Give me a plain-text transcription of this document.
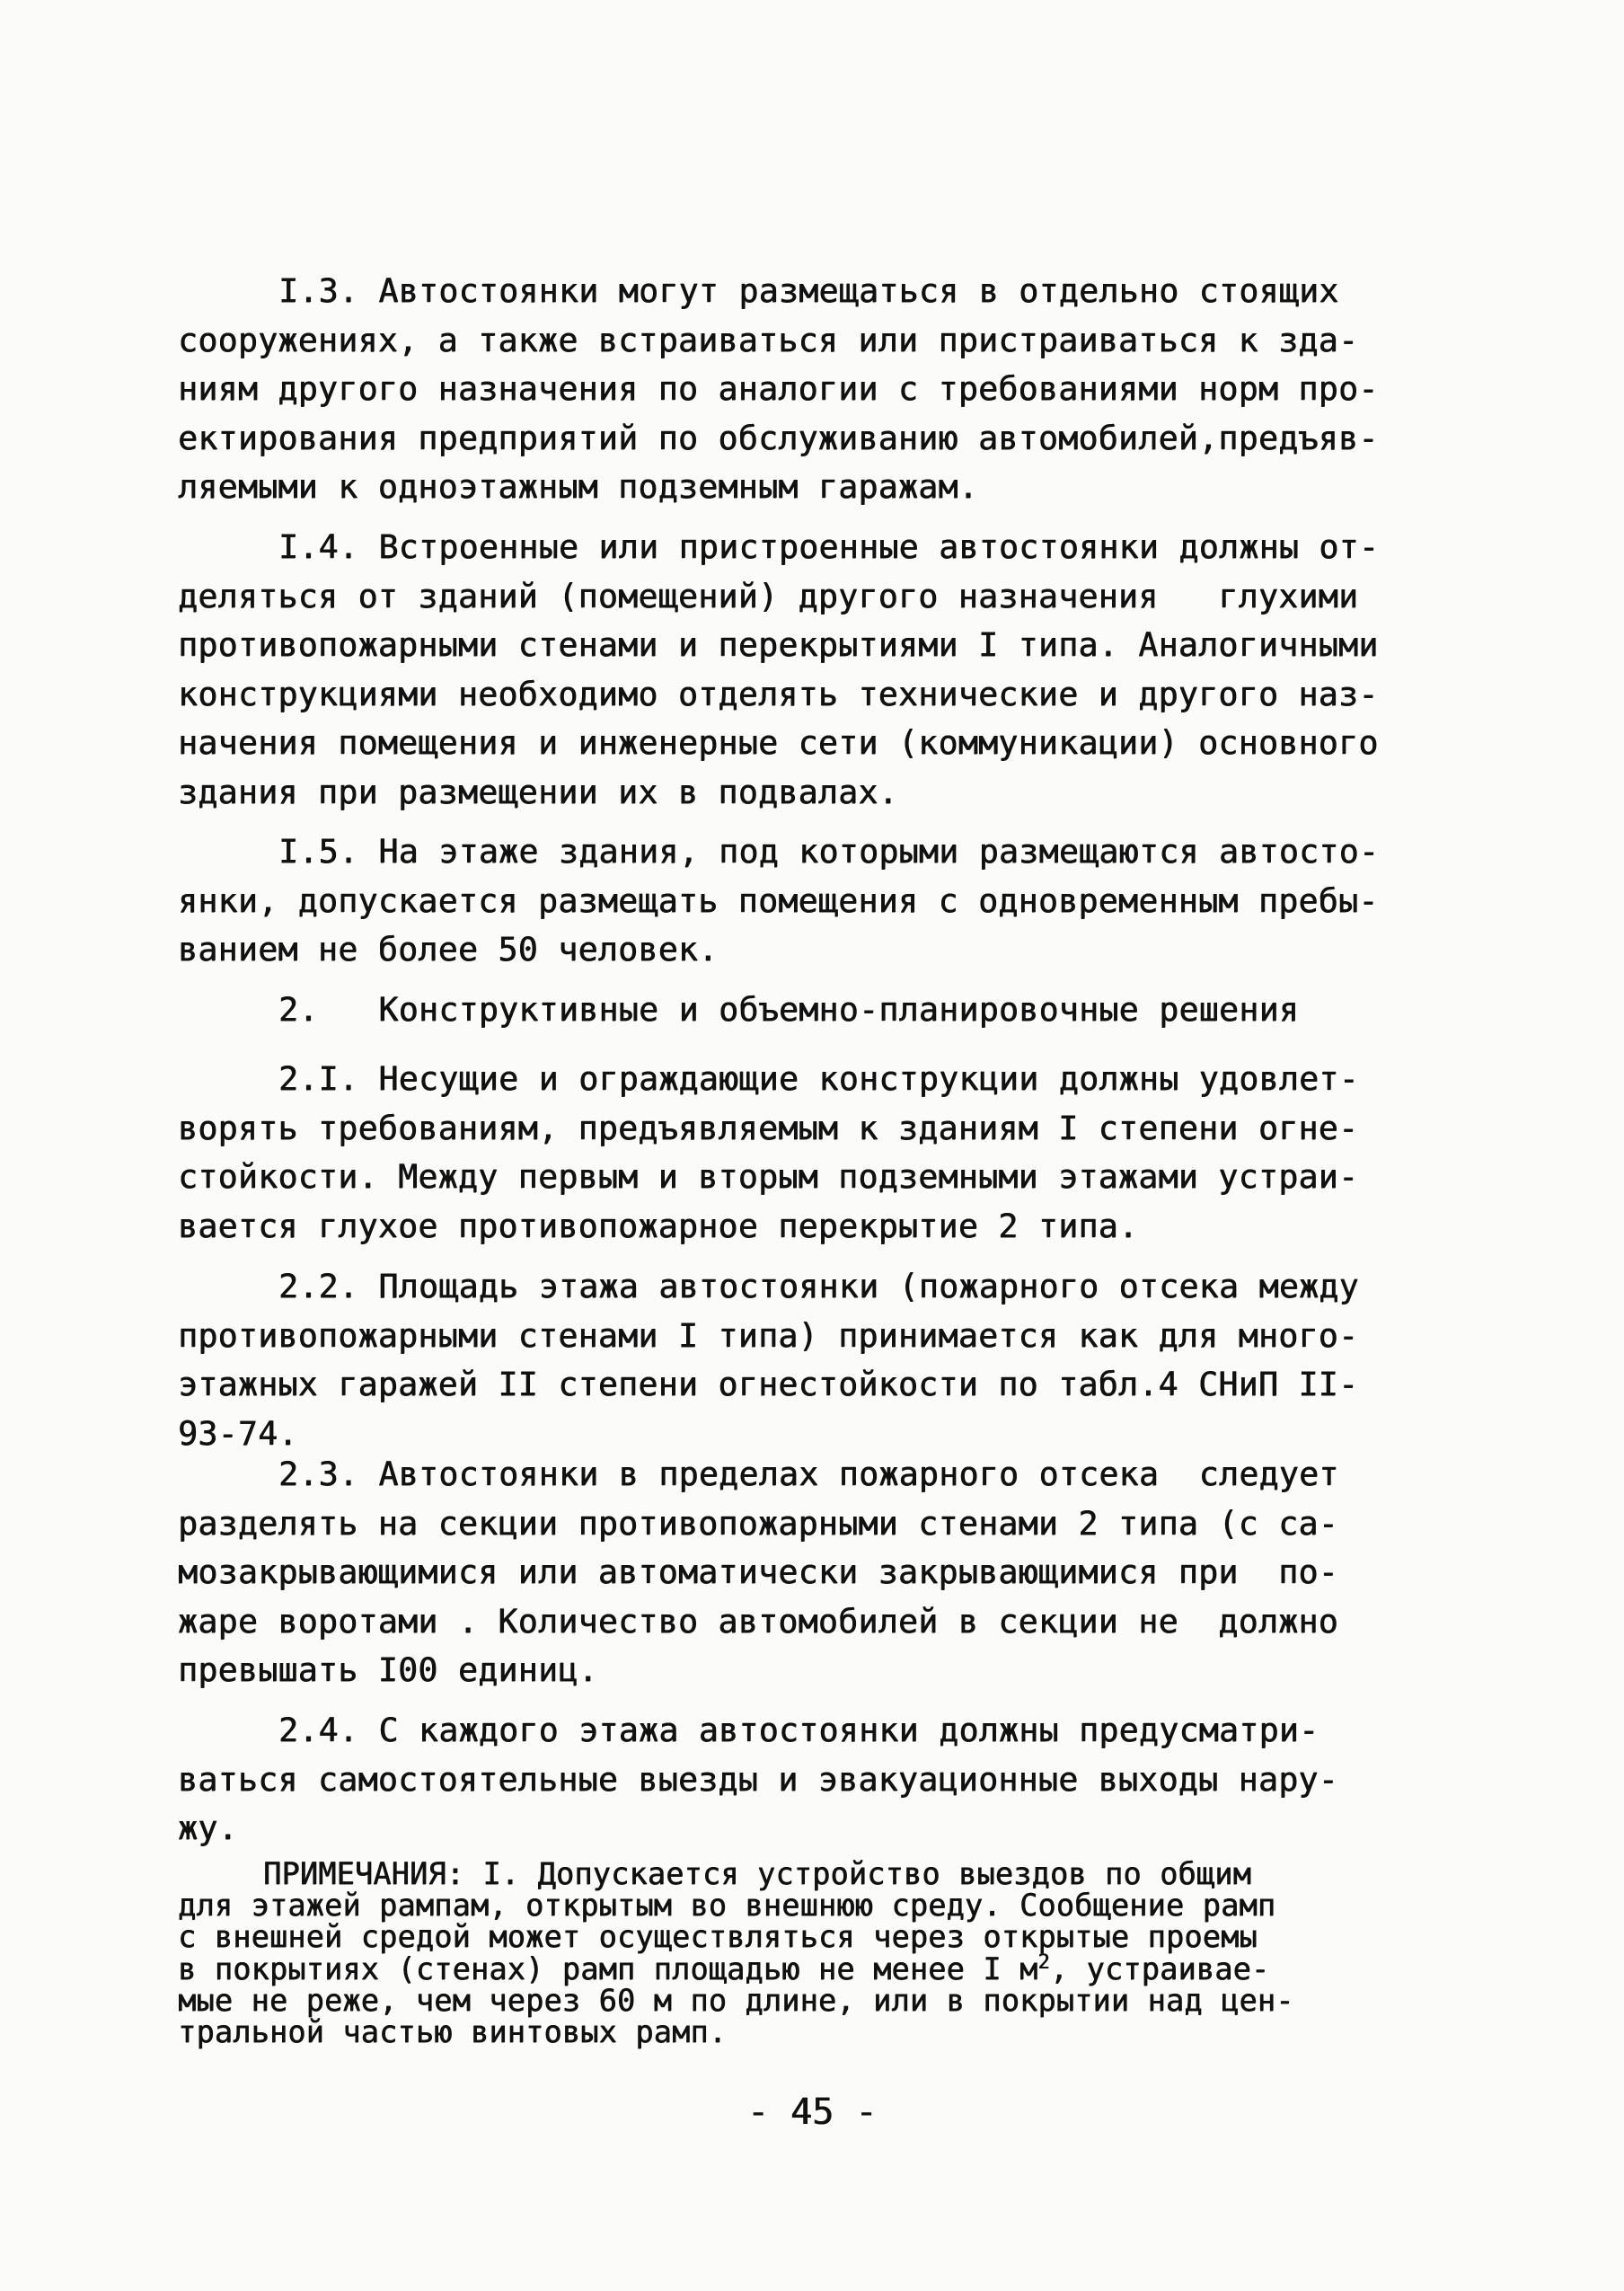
I.3. Автостоянки могут размещаться в отдельно стоящих
сооружениях, а также встраиваться или пристраиваться к зда-
ниям другого назначения по аналогии с требованиями норм про-
ектирования предприятий по обслуживанию автомобилей,предъяв-
ляемыми к одноэтажным подземным гаражам.
I.4. Встроенные или пристроенные автостоянки должны от-
деляться от зданий (помещений) другого назначения   глухими
противопожарными стенами и перекрытиями I типа. Аналогичными
конструкциями необходимо отделять технические и другого наз-
начения помещения и инженерные сети (коммуникации) основного
здания при размещении их в подвалах.
I.5. На этаже здания, под которыми размещаются автосто-
янки, допускается размещать помещения с одновременным пребы-
ванием не более 50 человек.
2.   Конструктивные и объемно-планировочные решения
2.I. Несущие и ограждающие конструкции должны удовлет-
ворять требованиям, предъявляемым к зданиям I степени огне-
стойкости. Между первым и вторым подземными этажами устраи-
вается глухое противопожарное перекрытие 2 типа.
2.2. Площадь этажа автостоянки (пожарного отсека между
противопожарными стенами I типа) принимается как для много-
этажных гаражей II степени огнестойкости по табл.4 СНиП II-
93-74.
2.3. Автостоянки в пределах пожарного отсека  следует
разделять на секции противопожарными стенами 2 типа (с са-
мозакрывающимися или автоматически закрывающимися при  по-
жаре воротами . Количество автомобилей в секции не  должно
превышать I00 единиц.
2.4. С каждого этажа автостоянки должны предусматри-
ваться самостоятельные выезды и эвакуационные выходы нару-
жу.
ПРИМЕЧАНИЯ: I. Допускается устройство выездов по общим
для этажей рампам, открытым во внешнюю среду. Сообщение рамп
с внешней средой может осуществляться через открытые проемы
в покрытиях (стенах) рамп площадью не менее I $м^2$, устраивае-
мые не реже, чем через 60 м по длине, или в покрытии над цен-
тральной частью винтовых рамп.
- 45 -
